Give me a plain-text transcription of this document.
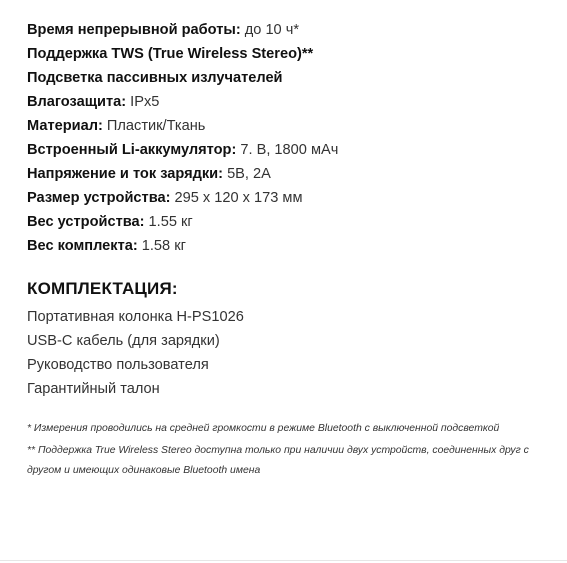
Время непрерывной работы: до 10 ч*
Поддержка TWS (True Wireless Stereo)**
Подсветка пассивных излучателей
Влагозащита: IPx5
Материал: Пластик/Ткань
Встроенный Li-аккумулятор: 7. В, 1800 мАч
Напряжение и ток зарядки: 5В, 2А
Размер устройства: 295 х 120 х 173 мм
Вес устройства: 1.55 кг
Вес комплекта: 1.58 кг
КОМПЛЕКТАЦИЯ:
Портативная колонка H-PS1026
USB-C кабель (для зарядки)
Руководство пользователя
Гарантийный талон

* Измерения проводились на средней громкости в режиме Bluetooth с выключенной подсветкой

** Поддержка True Wireless Stereo доступна только при наличии двух устройств, соединенных друг с другом и имеющих одинаковые Bluetooth имена
